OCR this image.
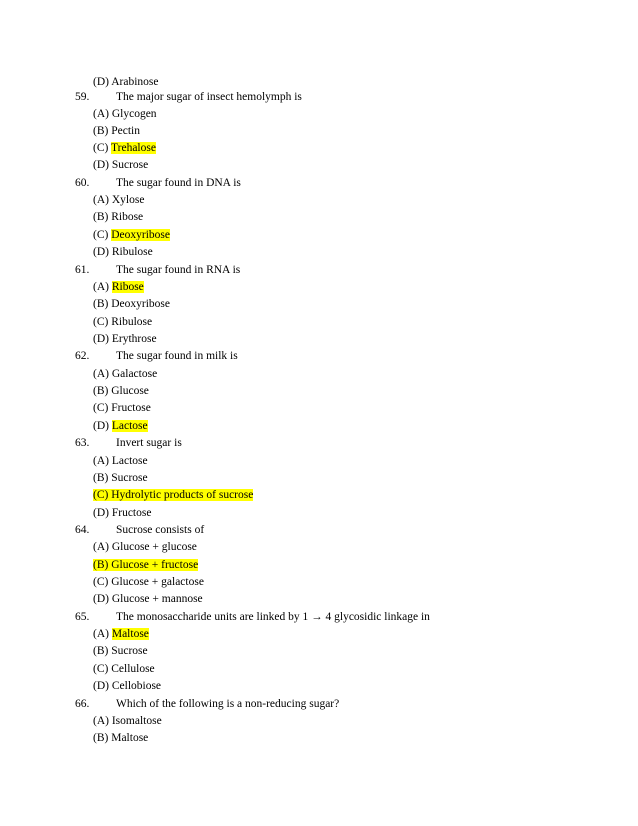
(D) Arabinose
59. The major sugar of insect hemolymph is
(A) Glycogen
(B) Pectin
(C) Trehalose
(D) Sucrose
60. The sugar found in DNA is
(A) Xylose
(B) Ribose
(C) Deoxyribose
(D) Ribulose
61. The sugar found in RNA is
(A) Ribose
(B) Deoxyribose
(C) Ribulose
(D) Erythrose
62. The sugar found in milk is
(A) Galactose
(B) Glucose
(C) Fructose
(D) Lactose
63. Invert sugar is
(A) Lactose
(B) Sucrose
(C) Hydrolytic products of sucrose
(D) Fructose
64. Sucrose consists of
(A) Glucose + glucose
(B) Glucose + fructose
(C) Glucose + galactose
(D) Glucose + mannose
65. The monosaccharide units are linked by 1 → 4 glycosidic linkage in
(A) Maltose
(B) Sucrose
(C) Cellulose
(D) Cellobiose
66. Which of the following is a non-reducing sugar?
(A) Isomaltose
(B) Maltose
